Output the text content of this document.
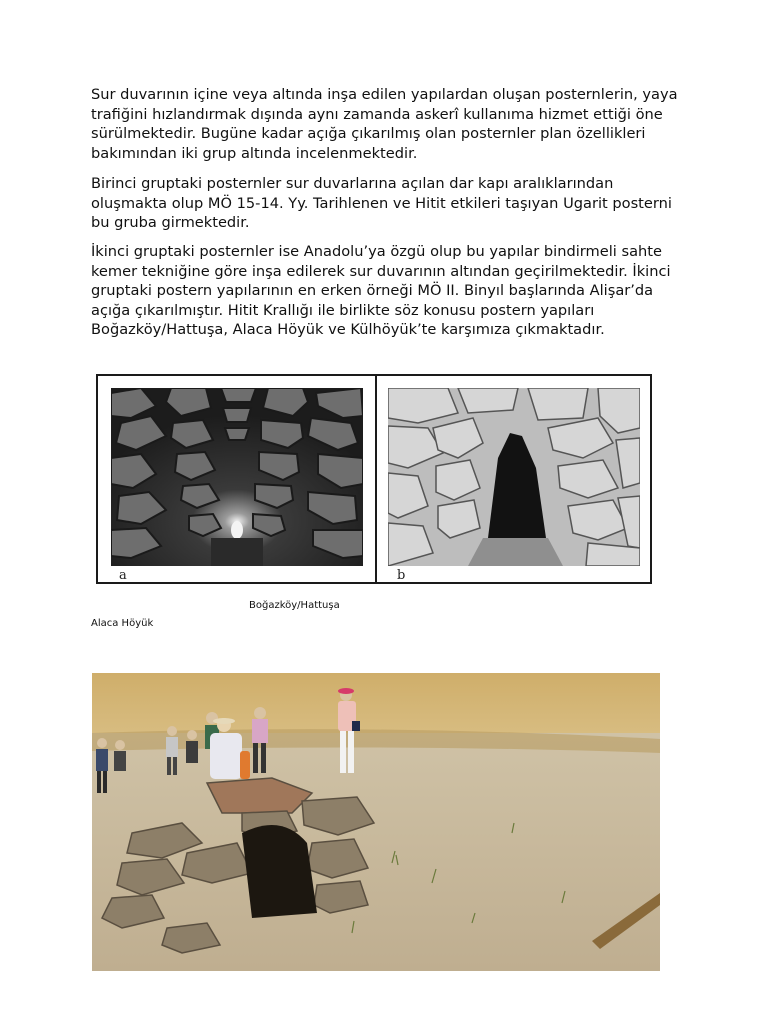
Sur duvarının içine veya altında inşa edilen yapılardan oluşan posternlerin, yaya trafiğini hızlandırmak dışında aynı zamanda askerî kullanıma hizmet ettiği öne sürülmektedir. Bugüne kadar açığa çıkarılmış olan posternler plan özellikleri bakımından iki grup altında incelenmektedir.

Birinci gruptaki posternler sur duvarlarına açılan dar kapı aralıklarından oluşmakta olup MÖ 15-14. Yy. Tarihlenen ve Hitit etkileri taşıyan Ugarit posterni bu gruba girmektedir.

İkinci gruptaki posternler ise Anadolu’ya özgü olup bu yapılar bindirmeli sahte kemer tekniğine göre inşa edilerek sur duvarının altından geçirilmektedir. İkinci gruptaki postern yapılarının en erken örneği MÖ II. Binyıl başlarında Alişar’da açığa çıkarılmıştır. Hitit Krallığı ile birlikte söz konusu postern yapıları Boğazköy/Hattuşa, Alaca Höyük ve Külhöyük’te karşımıza çıkmaktadır.

a	b
Boğazköy/Hattuşa
Alaca Höyük
